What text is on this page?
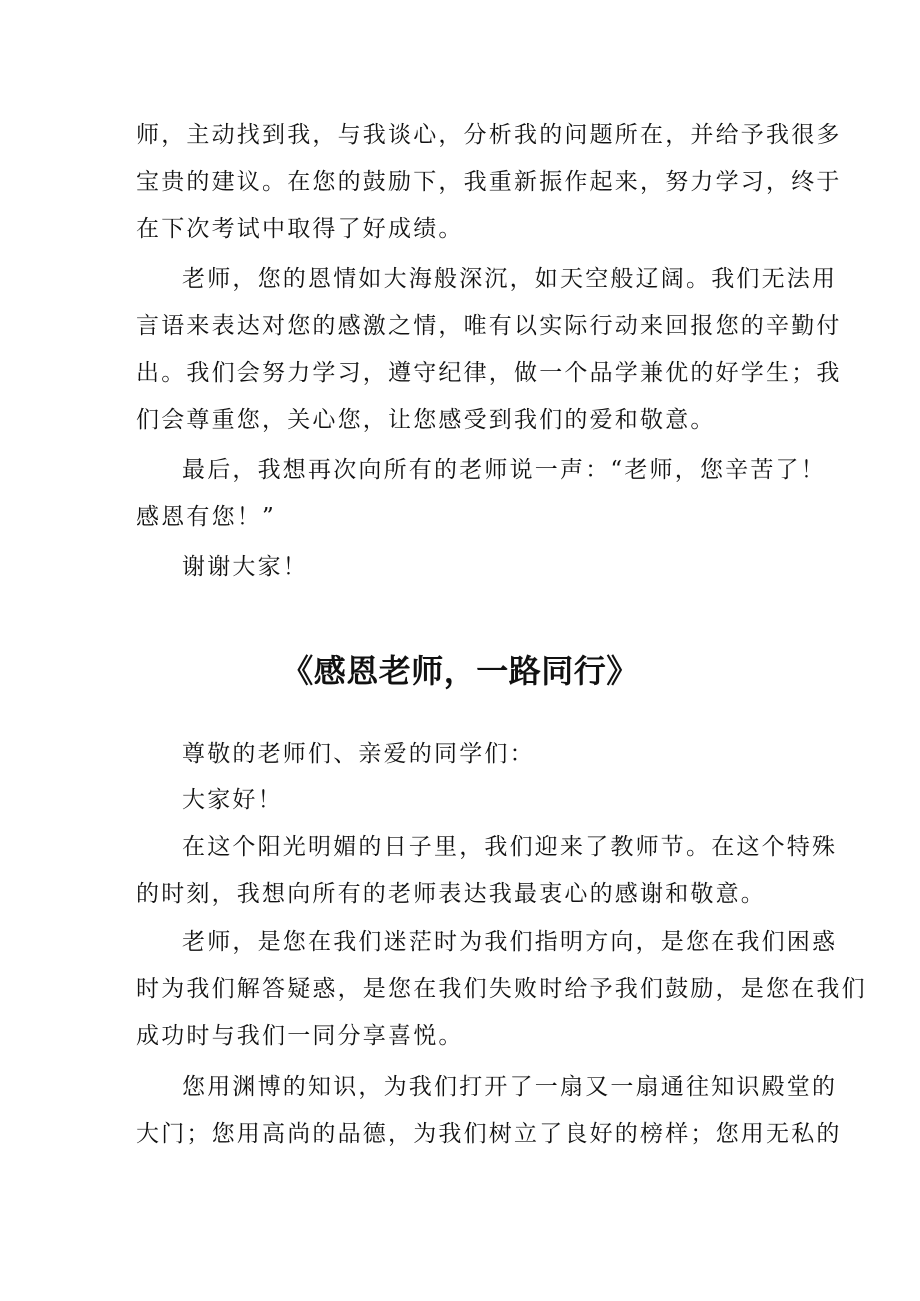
师，主动找到我，与我谈心，分析我的问题所在，并给予我很多

宝贵的建议。在您的鼓励下，我重新振作起来，努力学习，终于

在下次考试中取得了好成绩。

老师，您的恩情如大海般深沉，如天空般辽阔。我们无法用

言语来表达对您的感激之情，唯有以实际行动来回报您的辛勤付

出。我们会努力学习，遵守纪律，做一个品学兼优的好学生；我

们会尊重您，关心您，让您感受到我们的爱和敬意。

最后，我想再次向所有的老师说一声：“老师，您辛苦了！

感恩有您！”

谢谢大家！

《感恩老师，一路同行》

尊敬的老师们、亲爱的同学们：

大家好！

在这个阳光明媚的日子里，我们迎来了教师节。在这个特殊

的时刻，我想向所有的老师表达我最衷心的感谢和敬意。

老师，是您在我们迷茫时为我们指明方向，是您在我们困惑

时为我们解答疑惑，是您在我们失败时给予我们鼓励，是您在我们

成功时与我们一同分享喜悦。

您用渊博的知识，为我们打开了一扇又一扇通往知识殿堂的

大门；您用高尚的品德，为我们树立了良好的榜样；您用无私的
